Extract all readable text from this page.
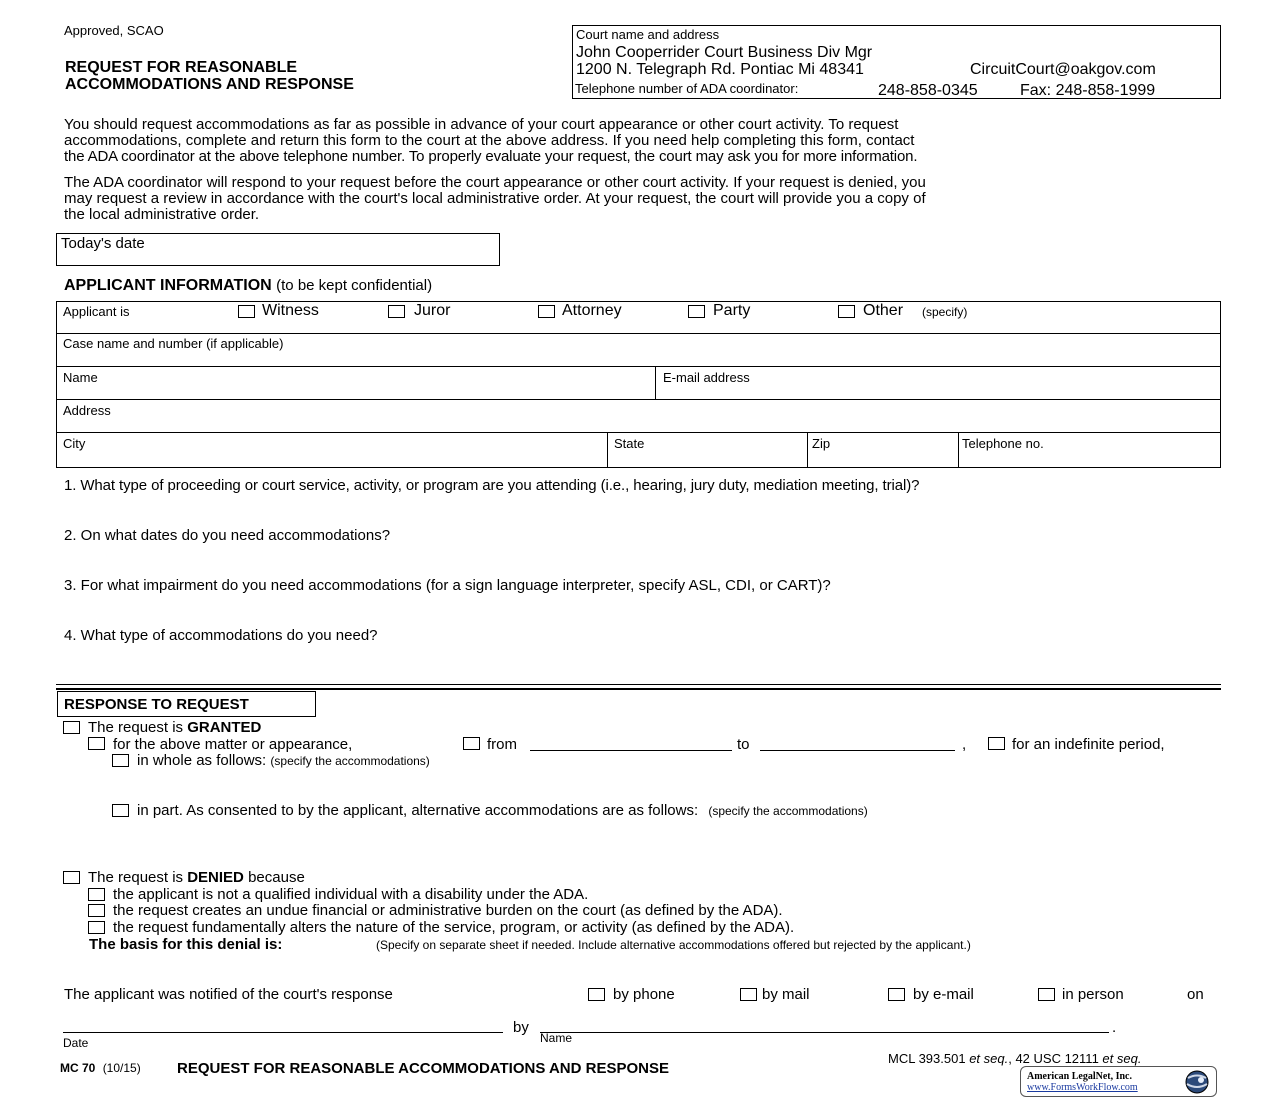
Approved, SCAO
REQUEST FOR REASONABLE
ACCOMMODATIONS AND RESPONSE
Court name and address
John Cooperrider Court Business Div Mgr
1200 N. Telegraph Rd. Pontiac Mi 48341	CircuitCourt@oakgov.com
Telephone number of ADA coordinator:	248-858-0345	Fax: 248-858-1999
You should request accommodations as far as possible in advance of your court appearance or other court activity. To request
accommodations, complete and return this form to the court at the above address. If you need help completing this form, contact
the ADA coordinator at the above telephone number. To properly evaluate your request, the court may ask you for more information.
The ADA coordinator will respond to your request before the court appearance or other court activity. If your request is denied, you
may request a review in accordance with the court's local administrative order. At your request, the court will provide you a copy of
the local administrative order.
Today's date
APPLICANT INFORMATION (to be kept confidential)
Applicant is	Witness	Juror	Attorney	Party	Other (specify)
Case name and number (if applicable)
Name	E-mail address
Address
City	State	Zip	Telephone no.
1. What type of proceeding or court service, activity, or program are you attending (i.e., hearing, jury duty, mediation meeting, trial)?
2. On what dates do you need accommodations?
3. For what impairment do you need accommodations (for a sign language interpreter, specify ASL, CDI, or CART)?
4. What type of accommodations do you need?
RESPONSE TO REQUEST
The request is GRANTED
for the above matter or appearance,	from	to	,	for an indefinite period,
in whole as follows: (specify the accommodations)
in part. As consented to by the applicant, alternative accommodations are as follows: (specify the accommodations)
The request is DENIED because
the applicant is not a qualified individual with a disability under the ADA.
the request creates an undue financial or administrative burden on the court (as defined by the ADA).
the request fundamentally alters the nature of the service, program, or activity (as defined by the ADA).
The basis for this denial is:	(Specify on separate sheet if needed. Include alternative accommodations offered but rejected by the applicant.)
The applicant was notified of the court's response	by phone	by mail	by e-mail	in person	on
by	.
Date	Name
MC 70 (10/15) REQUEST FOR REASONABLE ACCOMMODATIONS AND RESPONSE
MCL 393.501 et seq., 42 USC 12111 et seq.
American LegalNet, Inc.
www.FormsWorkFlow.com
